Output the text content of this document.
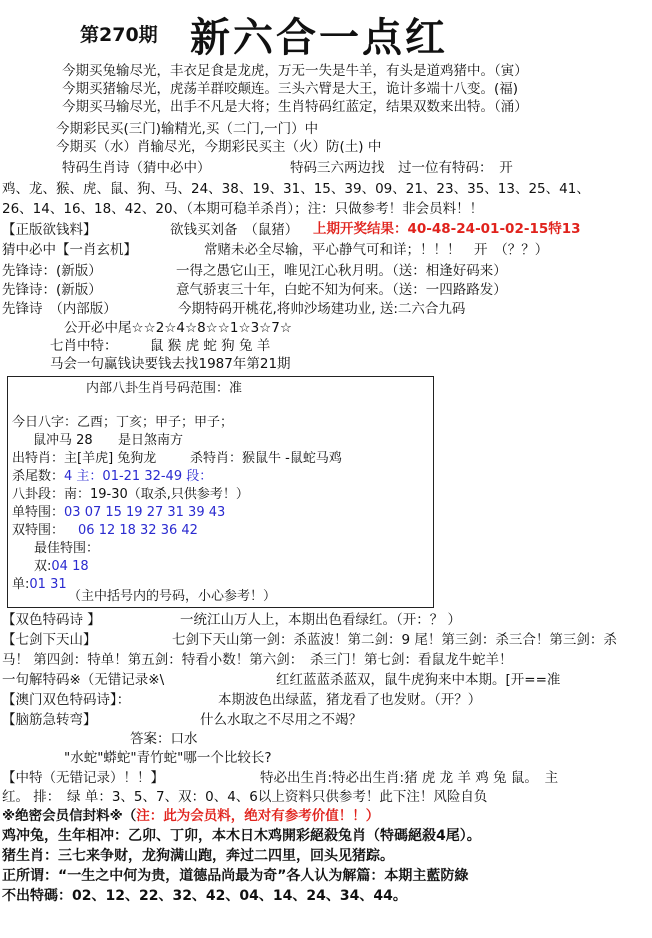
第270期 新六合一点红
今期买兔输尽光，丰衣足食是龙虎，万无一失是牛羊，有头是道鸡猪中。（寅）
今期买猪输尽光，虎荡羊群咬颠连。三头六臂是大王，诡计多端十八变。(福)
今期买马输尽光，出手不凡是大将；生肖特码红蓝定，结果双数来出特。（涌）
今期彩民买(三门)输精光,买（二门,一门）中
今期买（水）肖输尽光，今期彩民买主（火）防(土) 中
特码生肖诗（猜中必中）	特码三六两边找　过一位有特码：　开
鸡、龙、猴、虎、鼠、狗、马、24、38、19、31、15、39、09、21、23、35、13、25、41、
26、14、16、18、42、20、（本期可稳羊杀肖）；注：只做参考！非会员料！！
【正版欲钱料】	欲钱买刘备　（鼠猪） 上期开奖结果：40-48-24-01-02-15特13
猜中必中【一肖玄机】	常赌未必全尽输，平心静气可和详；！！！　开　（？？）
先锋诗：(新版）	一得之愚它山王，唯见江心秋月明。（送：相逢好码来）
先锋诗：(新版）	意气骄衷三十年，白蛇不知为何来。（送：一四路路发）
先锋诗　（内部版）	今期特码开桃花,将帅沙场建功业, 送:二六合九码
公开必中尾☆☆2☆4☆8☆☆1☆3☆7☆
七肖中特： 鼠 猴 虎 蛇 狗 兔 羊
马会一句赢钱诀要钱去找1987年第21期
内部八卦生肖号码范围：准
今日八字：乙酉；丁亥；甲子；甲子；
鼠冲马 28 是日煞南方
出特肖：主[羊虎] 兔狗龙	杀特肖：猴鼠牛 -鼠蛇马鸡
杀尾数：4 主：01-21 32-49 段：
八卦段：南：19-30（取杀,只供参考！）
单特围：03 07 15 19 27 31 39 43
双特围： 06 12 18 32 36 42
最佳特围：
双:04 18
单:01 31
（主中括号内的号码，小心参考！）
【双色特码诗 】	一统江山万人上，本期出色看绿红。（开：？ ）
【七剑下天山】	七剑下天山第一剑：杀蓝波！第二剑：9 尾！第三剑：杀三合！第三剑：杀
马！ 第四剑：特单！第五剑：特看小数！第六剑：　杀三门！第七剑：看鼠龙牛蛇羊！
一句解特码※（无错记录※\	红红蓝蓝杀蓝双，鼠牛虎狗来中本期。[开==准
【澳门双色特码诗】：	本期波色出绿蓝，猪龙看了也发财。（开？）
【脑筋急转弯】	什么水取之不尽用之不竭？
答案：口水
"水蛇"蟒蛇"青竹蛇"哪一个比较长?
【中特（无错记录）！！】	特必出生肖:特必出生肖:猪 虎 龙 羊 鸡 兔 鼠。　主
红。 排：　绿 单：3、5、7、双：0、4、6以上资料只供参考！此下注！风险自负
※绝密会员信封料※（注：此为会员料，绝对有参考价值！！）
鸡冲兔，生年相冲：乙卯、丁卯，本木日木鸡開彩絕殺兔肖（特碼絕殺4尾）。
猪生肖：三七来争财，龙狗满山跑，奔过二四里，回头见猪踪。
正所谓：“一生之中何为贵，道德品尚最为奇”各人认为解篇：本期主藍防綠
不出特碼：02、12、22、32、42、04、14、24、34、44。
